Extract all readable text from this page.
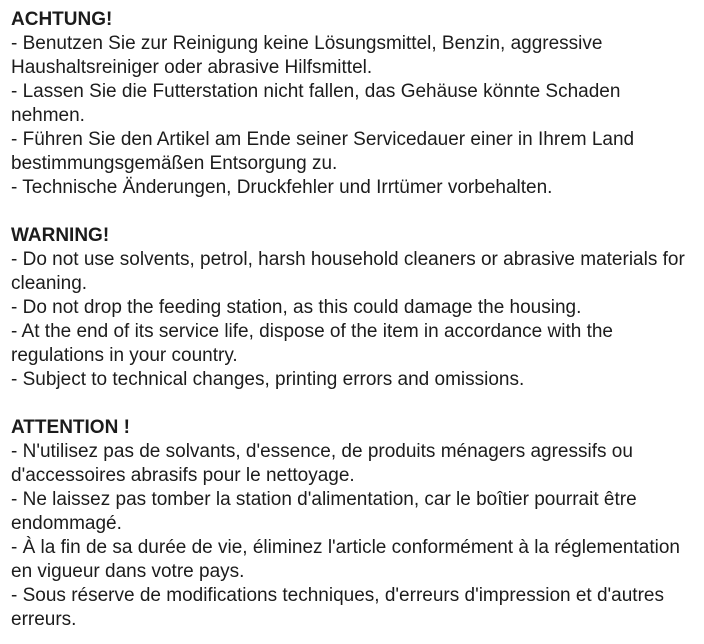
ACHTUNG!

- Benutzen Sie zur Reinigung keine Lösungsmittel, Benzin, aggressive Haushaltsreiniger oder abrasive Hilfsmittel.

- Lassen Sie die Futterstation nicht fallen, das Gehäuse könnte Schaden nehmen.

- Führen Sie den Artikel am Ende seiner Servicedauer einer in Ihrem Land bestimmungsgemäßen Entsorgung zu.

- Technische Änderungen, Druckfehler und Irrtümer vorbehalten.

WARNING!

- Do not use solvents, petrol, harsh household cleaners or abrasive materials for cleaning.

- Do not drop the feeding station, as this could damage the housing.

- At the end of its service life, dispose of the item in accordance with the regulations in your country.

- Subject to technical changes, printing errors and omissions.

ATTENTION !

- N'utilisez pas de solvants, d'essence, de produits ménagers agressifs ou d'accessoires abrasifs pour le nettoyage.

- Ne laissez pas tomber la station d'alimentation, car le boîtier pourrait être endommagé.

- À la fin de sa durée de vie, éliminez l'article conformément à la réglementation en vigueur dans votre pays.

- Sous réserve de modifications techniques, d'erreurs d'impression et d'autres erreurs.
